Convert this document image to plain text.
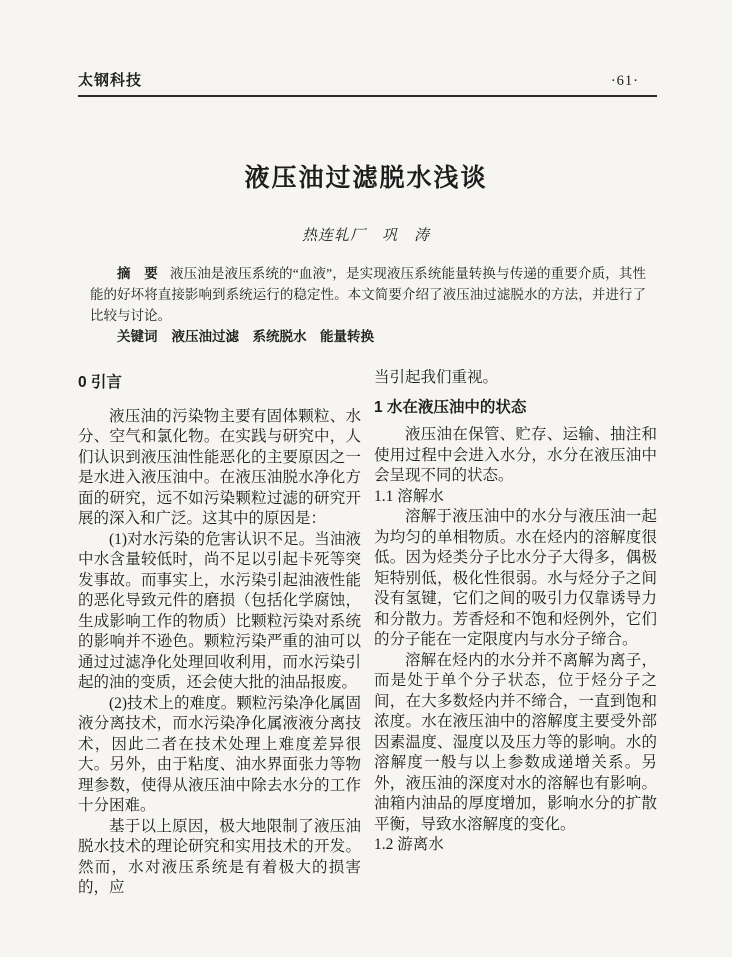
太钢科技	·61·
液压油过滤脱水浅谈
热连轧厂　巩　涛

摘　要 液压油是液压系统的“血液”，是实现液压系统能量转换与传递的重要介质，其性能的好坏将直接影响到系统运行的稳定性。本文简要介绍了液压油过滤脱水的方法，并进行了比较与讨论。

关键词 液压油过滤　系统脱水　能量转换

0 引言

液压油的污染物主要有固体颗粒、水分、空气和氯化物。在实践与研究中，人们认识到液压油性能恶化的主要原因之一是水进入液压油中。在液压油脱水净化方面的研究，远不如污染颗粒过滤的研究开展的深入和广泛。这其中的原因是：

(1)对水污染的危害认识不足。当油液中水含量较低时，尚不足以引起卡死等突发事故。而事实上，水污染引起油液性能的恶化导致元件的磨损（包括化学腐蚀，生成影响工作的物质）比颗粒污染对系统的影响并不逊色。颗粒污染严重的油可以通过过滤净化处理回收利用，而水污染引起的油的变质，还会使大批的油品报废。

(2)技术上的难度。颗粒污染净化属固液分离技术，而水污染净化属液液分离技术，因此二者在技术处理上难度差异很大。另外，由于粘度、油水界面张力等物理参数，使得从液压油中除去水分的工作十分困难。

基于以上原因，极大地限制了液压油脱水技术的理论研究和实用技术的开发。然而，水对液压系统是有着极大的损害的，应

当引起我们重视。

1 水在液压油中的状态

液压油在保管、贮存、运输、抽注和使用过程中会进入水分，水分在液压油中会呈现不同的状态。

1.1 溶解水

溶解于液压油中的水分与液压油一起为均匀的单相物质。水在烃内的溶解度很低。因为烃类分子比水分子大得多，偶极矩特别低，极化性很弱。水与烃分子之间没有氢键，它们之间的吸引力仅靠诱导力和分散力。芳香烃和不饱和烃例外，它们的分子能在一定限度内与水分子缔合。

溶解在烃内的水分并不离解为离子，而是处于单个分子状态，位于烃分子之间，在大多数烃内并不缔合，一直到饱和浓度。水在液压油中的溶解度主要受外部因素温度、湿度以及压力等的影响。水的溶解度一般与以上参数成递增关系。另外，液压油的深度对水的溶解也有影响。油箱内油品的厚度增加，影响水分的扩散平衡，导致水溶解度的变化。

1.2 游离水
